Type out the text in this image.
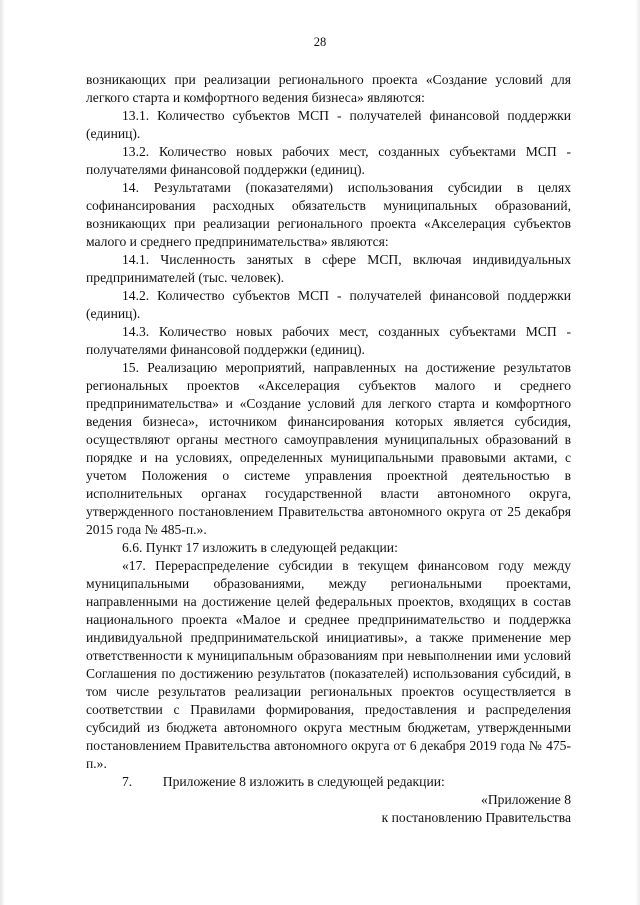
28

возникающих при реализации регионального проекта «Создание условий для легкого старта и комфортного ведения бизнеса» являются:

13.1. Количество субъектов МСП - получателей финансовой поддержки (единиц).

13.2. Количество новых рабочих мест, созданных субъектами МСП - получателями финансовой поддержки (единиц).

14. Результатами (показателями) использования субсидии в целях софинансирования расходных обязательств муниципальных образований, возникающих при реализации регионального проекта «Акселерация субъектов малого и среднего предпринимательства» являются:

14.1. Численность занятых в сфере МСП, включая индивидуальных предпринимателей (тыс. человек).

14.2. Количество субъектов МСП - получателей финансовой поддержки (единиц).

14.3. Количество новых рабочих мест, созданных субъектами МСП - получателями финансовой поддержки (единиц).

15. Реализацию мероприятий, направленных на достижение результатов региональных проектов «Акселерация субъектов малого и среднего предпринимательства» и «Создание условий для легкого старта и комфортного ведения бизнеса», источником финансирования которых является субсидия, осуществляют органы местного самоуправления муниципальных образований в порядке и на условиях, определенных муниципальными правовыми актами, с учетом Положения о системе управления проектной деятельностью в исполнительных органах государственной власти автономного округа, утвержденного постановлением Правительства автономного округа от 25 декабря 2015 года № 485-п.».

6.6. Пункт 17 изложить в следующей редакции:

«17. Перераспределение субсидии в текущем финансовом году между муниципальными образованиями, между региональными проектами, направленными на достижение целей федеральных проектов, входящих в состав национального проекта «Малое и среднее предпринимательство и поддержка индивидуальной предпринимательской инициативы», а также применение мер ответственности к муниципальным образованиям при невыполнении ими условий Соглашения по достижению результатов (показателей) использования субсидий, в том числе результатов реализации региональных проектов осуществляется в соответствии с Правилами формирования, предоставления и распределения субсидий из бюджета автономного округа местным бюджетам, утвержденными постановлением Правительства автономного округа от 6 декабря 2019 года № 475-п.».

7.         Приложение 8 изложить в следующей редакции:

«Приложение 8

к постановлению Правительства
